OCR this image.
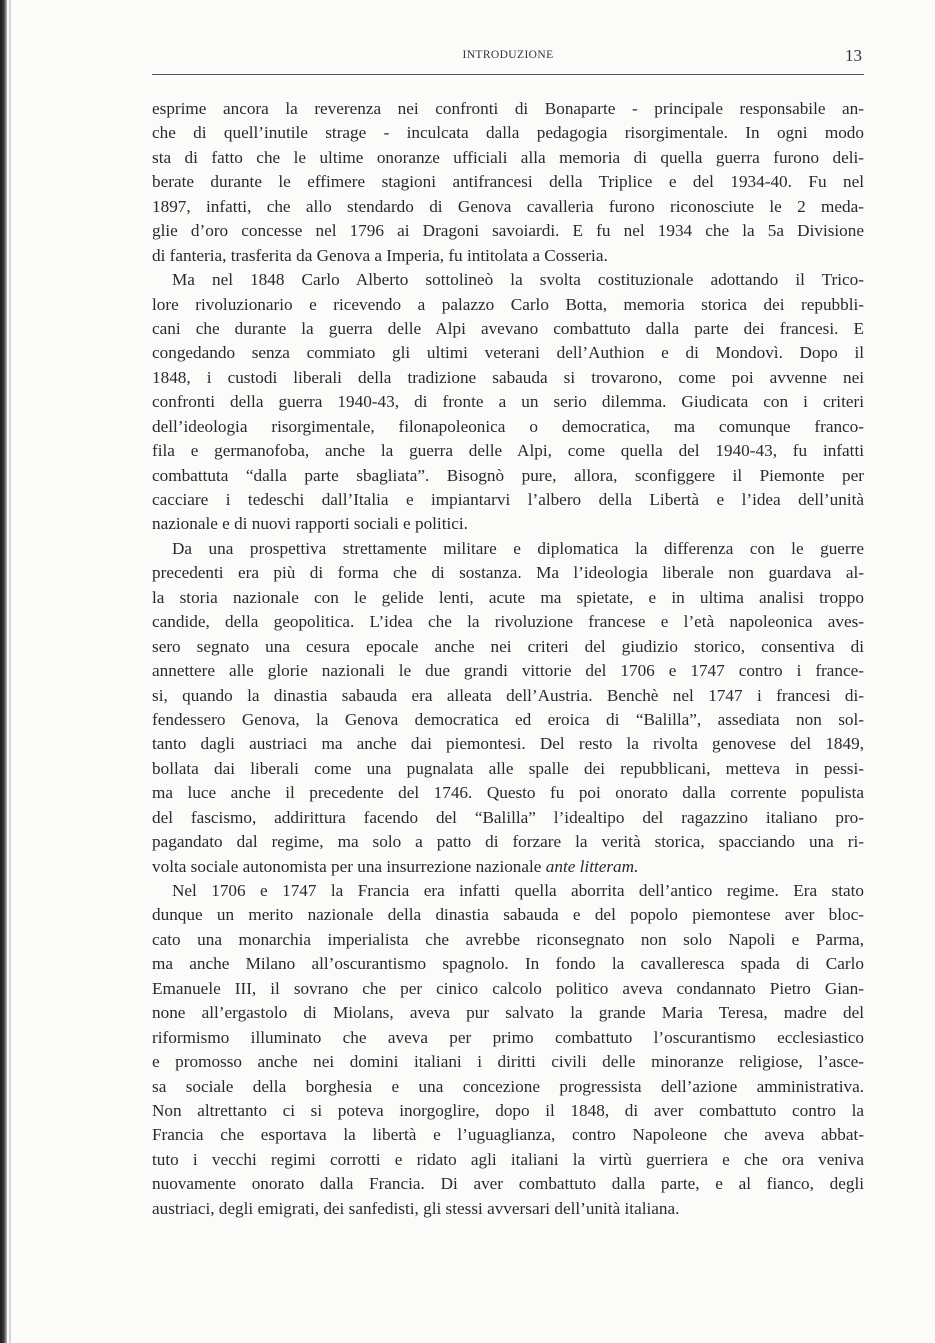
INTRODUZIONE	13
esprime ancora la reverenza nei confronti di Bonaparte - principale responsabile an-
che di quell’inutile strage - inculcata dalla pedagogia risorgimentale. In ogni modo
sta di fatto che le ultime onoranze ufficiali alla memoria di quella guerra furono deli-
berate durante le effimere stagioni antifrancesi della Triplice e del 1934-40. Fu nel
1897, infatti, che allo stendardo di Genova cavalleria furono riconosciute le 2 meda-
glie d’oro concesse nel 1796 ai Dragoni savoiardi. E fu nel 1934 che la 5a Divisione
di fanteria, trasferita da Genova a Imperia, fu intitolata a Cosseria.
Ma nel 1848 Carlo Alberto sottolineò la svolta costituzionale adottando il Trico-
lore rivoluzionario e ricevendo a palazzo Carlo Botta, memoria storica dei repubbli-
cani che durante la guerra delle Alpi avevano combattuto dalla parte dei francesi. E
congedando senza commiato gli ultimi veterani dell’Authion e di Mondovì. Dopo il
1848, i custodi liberali della tradizione sabauda si trovarono, come poi avvenne nei
confronti della guerra 1940-43, di fronte a un serio dilemma. Giudicata con i criteri
dell’ideologia risorgimentale, filonapoleonica o democratica, ma comunque franco-
fila e germanofoba, anche la guerra delle Alpi, come quella del 1940-43, fu infatti
combattuta “dalla parte sbagliata”. Bisognò pure, allora, sconfiggere il Piemonte per
cacciare i tedeschi dall’Italia e impiantarvi l’albero della Libertà e l’idea dell’unità
nazionale e di nuovi rapporti sociali e politici.
Da una prospettiva strettamente militare e diplomatica la differenza con le guerre
precedenti era più di forma che di sostanza. Ma l’ideologia liberale non guardava al-
la storia nazionale con le gelide lenti, acute ma spietate, e in ultima analisi troppo
candide, della geopolitica. L’idea che la rivoluzione francese e l’età napoleonica aves-
sero segnato una cesura epocale anche nei criteri del giudizio storico, consentiva di
annettere alle glorie nazionali le due grandi vittorie del 1706 e 1747 contro i france-
si, quando la dinastia sabauda era alleata dell’Austria. Benchè nel 1747 i francesi di-
fendessero Genova, la Genova democratica ed eroica di “Balilla”, assediata non sol-
tanto dagli austriaci ma anche dai piemontesi. Del resto la rivolta genovese del 1849,
bollata dai liberali come una pugnalata alle spalle dei repubblicani, metteva in pessi-
ma luce anche il precedente del 1746. Questo fu poi onorato dalla corrente populista
del fascismo, addirittura facendo del “Balilla” l’idealtipo del ragazzino italiano pro-
pagandato dal regime, ma solo a patto di forzare la verità storica, spacciando una ri-
volta sociale autonomista per una insurrezione nazionale ante litteram.
Nel 1706 e 1747 la Francia era infatti quella aborrita dell’antico regime. Era stato
dunque un merito nazionale della dinastia sabauda e del popolo piemontese aver bloc-
cato una monarchia imperialista che avrebbe riconsegnato non solo Napoli e Parma,
ma anche Milano all’oscurantismo spagnolo. In fondo la cavalleresca spada di Carlo
Emanuele III, il sovrano che per cinico calcolo politico aveva condannato Pietro Gian-
none all’ergastolo di Miolans, aveva pur salvato la grande Maria Teresa, madre del
riformismo illuminato che aveva per primo combattuto l’oscurantismo ecclesiastico
e promosso anche nei domini italiani i diritti civili delle minoranze religiose, l’asce-
sa sociale della borghesia e una concezione progressista dell’azione amministrativa.
Non altrettanto ci si poteva inorgoglire, dopo il 1848, di aver combattuto contro la
Francia che esportava la libertà e l’uguaglianza, contro Napoleone che aveva abbat-
tuto i vecchi regimi corrotti e ridato agli italiani la virtù guerriera e che ora veniva
nuovamente onorato dalla Francia. Di aver combattuto dalla parte, e al fianco, degli
austriaci, degli emigrati, dei sanfedisti, gli stessi avversari dell’unità italiana.
